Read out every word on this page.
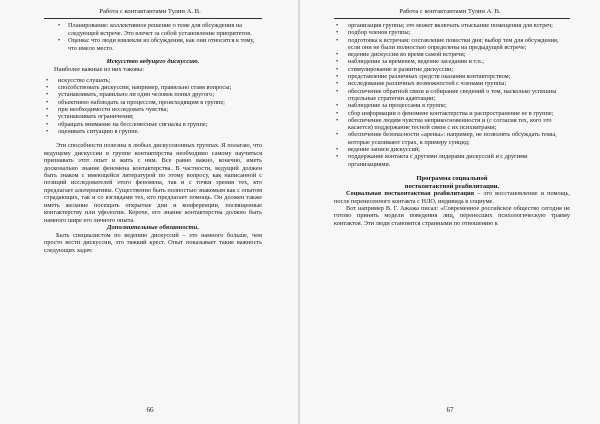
Работа с контактантами Тулин А. В.
• Планирование: коллективное решение о теме для обсуждения на следующей встрече. Это влечет за собой установление приоритетов.
• Оценка: что люди извлекли из обсуждения, как они относятся к тому, что имело место.
Искусство ведущего дискуссию.
Наиболее важные из них таковы:
• искусство слушать;
• способствовать дискуссии, например, правильно ставя вопросы;
• устанавливать, правильно ли один человек понял другого;
• объективно наблюдать за процессом, происходящим в группе;
• при необходимости исследовать чувства;
• устанавливать ограничения;
• обращать внимание на бессловесные сигналы в группе;
• оценивать ситуацию в группе.

Эти способности полезны в любых дискуссионных группах. Я полагаю, что ведущему дискуссии в группе контактерства необходимо самому научиться признавать этот опыт и жить с ним. Все равно важно, конечно, иметь досконально знание феномена контактерства. В частности, ведущий должен быть знаком с имеющейся литературой по этому вопросу, как написанной с позиций исследователей этого феномена, так и с точки зрения тех, кто предлагает альтернативы. Существенно быть полностью знакомым как с опытом страдающих, так и со взглядами тех, кто предлагает помощь. Он должен также иметь желание посещать открытые дни и конференции, посвященные контактерству или уфологии. Короче, его знание контактерства должно быть намного шире его личного опыта.

Дополнительные обязанности.

Быть специалистом по ведению дискуссий – это намного больше, чем просто вести дискуссии, это тяжкий крест. Опыт показывает такие важность следующих задач:

66
Работа с контактантами Тулин А. В.
• организация группы; это может включать отыскание помещения для встреч;
• подбор членов группы;
• подготовка к встречам: составление повестки дня; выбор тем для обсуждения, если они не были полностью определены на предыдущей встрече;
• ведение дискуссии во время самой встречи;
• наблюдение за временем, ведение заседания и т.п.;
• стимулирование и развитие дискуссии;
• представление различных средств оказания контактерством;
• исследование различных возможностей с членами группы;
• обеспечение обратной связи и собирание сведений о том, насколько успешны отдельные стратегии адаптации;
• наблюдение за процессами в группе;
• сбор информации о феномене контактерства и распространение ее в группе;
• обеспечение людям чувства неприкосновенности и (с согласия тех, кого это касается) поддержание тесной связи с их психиатрами;
• обеспечение безопасности «арены»: например, не позволять обсуждать темы, которые усиливают страх, к примеру суицид;
• ведение записи дискуссий;
• поддержание контакта с другими лидерами дискуссий и с другими организациями.
Программа социальной
постконтактной реабилитации.

Социальная постконтактная реабилитация – это восстановление и помощь, после перенесенного контакта с НЛО, индивида в социуме.

Вот например В. Г. Ажажа писал: «Современное российское общество сегодня не готово принять модели поведения лиц, перенесших психологическую травму контактов. Эти люди становятся странными по отношению к

67
